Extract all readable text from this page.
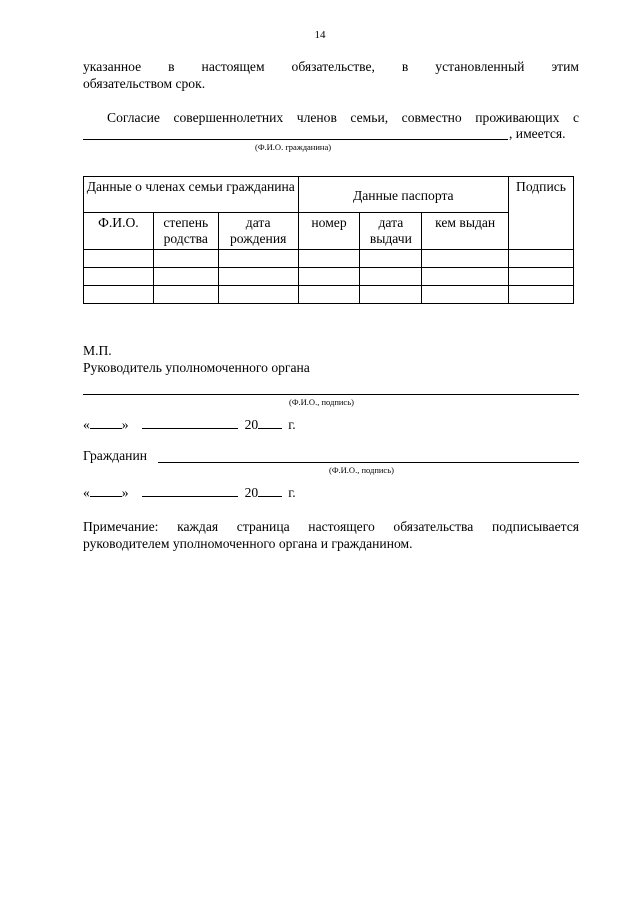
14
указанное в настоящем обязательстве, в установленный этим
обязательством срок.
Согласие совершеннолетних членов семьи, совместно проживающих с
, имеется.
(Ф.И.О. гражданина)
Данные о членах семьи гражданина			Данные паспорта			Подпись
Ф.И.О.	степень родства	дата рождения	номер	дата выдачи	кем выдан	

М.П.
Руководитель уполномоченного органа
(Ф.И.О., подпись)
« »	20 г.
Гражданин
(Ф.И.О., подпись)
« »	20 г.
Примечание: каждая страница настоящего обязательства подписывается руководителем уполномоченного органа и гражданином.
